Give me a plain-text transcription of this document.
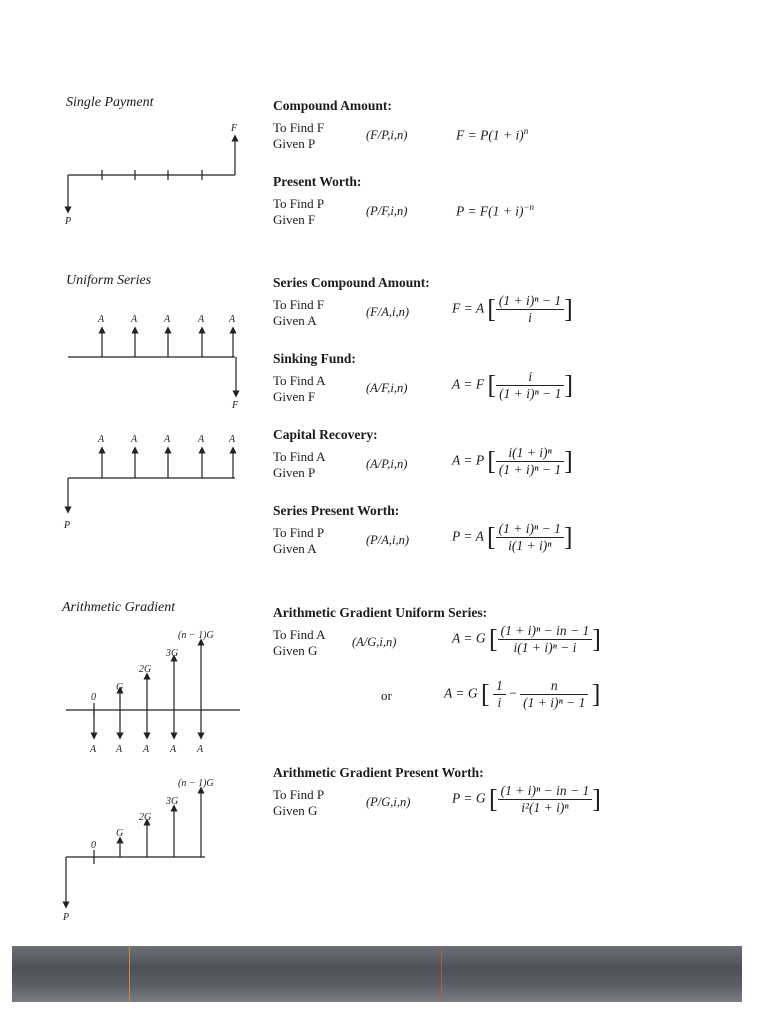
Single Payment
Uniform Series
Arithmetic Gradient
F
P
A	A	A	A A
F
A	A	A	A A
P
0
G
2G
3G
(n − 1)G
A A A A A
0
G
2G
3G
(n − 1)G
P
Compound Amount:
To Find F
Given P
(F/P,i,n)	$F = P(1 + i)^n$
Present Worth:
To Find P
Given F
(P/F,i,n)	$P = F(1 + i)^{-n}$
Series Compound Amount:
To Find F
Given A
(F/A,i,n)	F = A [ $\frac{\text{(1 + i)ⁿ − 1}}{i}$ ]
Sinking Fund:
To Find A
Given F
(A/F,i,n)	A = F [ $\frac{i}{\text{(1 + i)ⁿ − 1}}$ ]
Capital Recovery:
To Find A
Given P
(A/P,i,n)	A = P [ $\frac{\text{i(1 + i)ⁿ}}{\text{(1 + i)ⁿ − 1}}$ ]
Series Present Worth:
To Find P
Given A
(P/A,i,n)	P = A [ $\frac{\text{(1 + i)ⁿ − 1}}{\text{i(1 + i)ⁿ}}$ ]
Arithmetic Gradient Uniform Series:
To Find A
Given G
(A/G,i,n)	A = G [ $\frac{\text{(1 + i)ⁿ − in − 1}}{\text{i(1 + i)ⁿ − i}}$ ]
Arithmetic Gradient Present Worth:
To Find P
Given G
(P/G,i,n)	P = G [ $\frac{\text{(1 + i)ⁿ − in − 1}}{\text{i²(1 + i)ⁿ}}$ ]
or	A = G [ $\frac{1}{i} - \frac{n}{\text{(1 + i)ⁿ − 1}}$ ]
